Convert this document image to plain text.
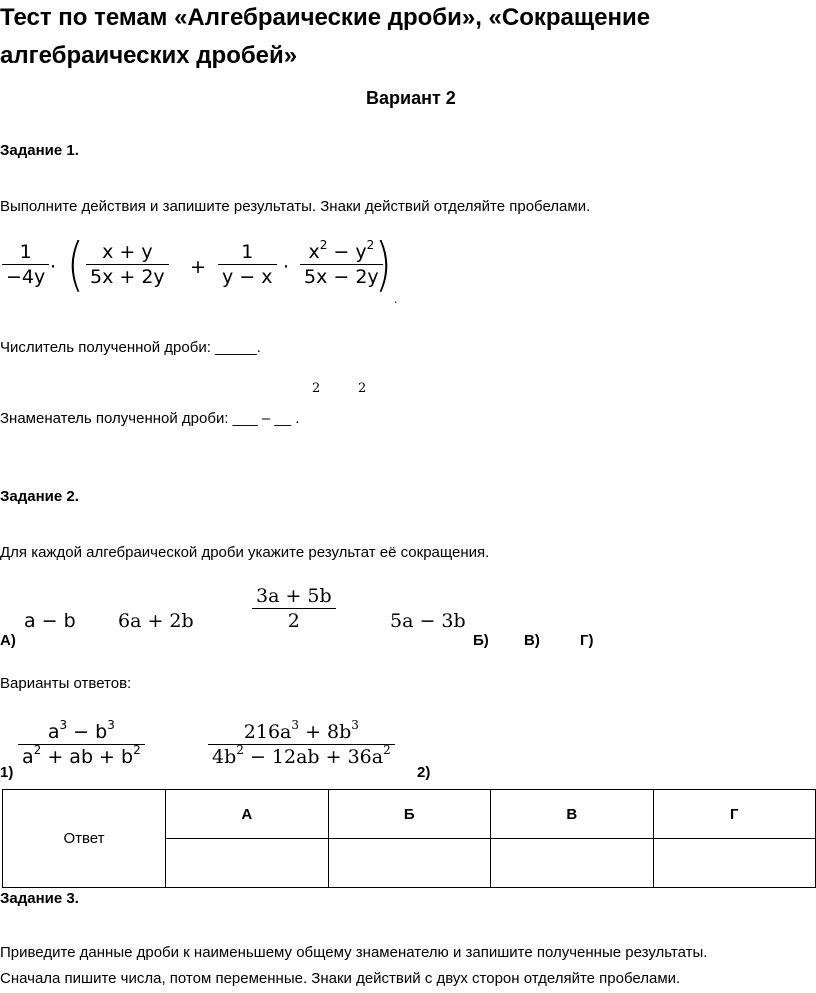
Тест по темам «Алгебраические дроби», «Сокращение
алгебраических дробей»
Вариант 2
Задание 1.
Выполните действия и запишите результаты. Знаки действий отделяйте пробелами.
1
−4y · ( x + y
5x + 2y +
1
y − x ·
$x^2 - y^2$
5x − 2y
)
.
Числитель полученной дроби: _____.
2	2
Знаменатель полученной дроби: ___ – __ .
Задание 2.
Для каждой алгебраической дроби укажите результат её сокращения.
А)
a − b 6a + 2b
3a + 5b
2	5a − 3b
Б) В)	Г)
Варианты ответов:
1)
$a^3 - b^3$
$a^2$ + ab + $b^2$
$216a^3 + 8b^3$
$4b^2 - 12ab + 36a^2$
2)
Ответ	А	Б	В	Г

Задание 3.
Приведите данные дроби к наименьшему общему знаменателю и запишите полученные результаты.
Сначала пишите числа, потом переменные. Знаки действий с двух сторон отделяйте пробелами.
